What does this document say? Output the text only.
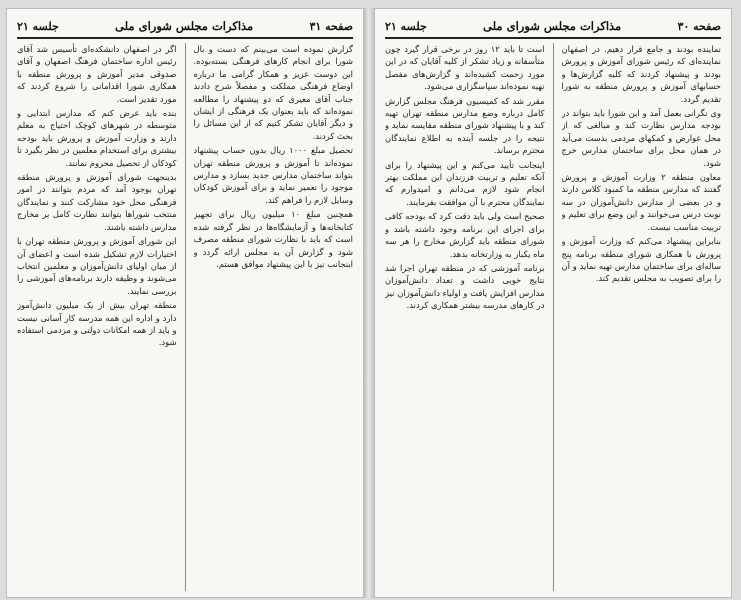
صفحه ۳۱
مذاکرات مجلس شورای ملی
جلسه ۲۱

گزارش نموده است می‌بینم که دست و بال شورا برای انجام کارهای فرهنگی بسته‌بوده. این دوست عزیز و همکار گرامی ما درباره اوضاع فرهنگی مملکت و مفصلاً شرح دادند جناب آقای معیری که دو پیشنهاد را مطالعه نموده‌اند که باید بعنوان یک فرهنگی از ایشان و دیگر آقایان تشکر کنیم که از این مسائل را بحث کردند.

تحصیل مبلغ ۱۰۰۰ ریال بدون حساب پیشنهاد نموده‌اند تا آموزش و پرورش منطقه تهران بتواند ساختمان مدارس جدید بسازد و مدارس موجود را تعمیر نماید و برای آموزش کودکان وسایل لازم را فراهم کند.

همچنین مبلغ ۱۰ میلیون ریال برای تجهیز کتابخانه‌ها و آزمایشگاه‌ها در نظر گرفته شده است که باید با نظارت شورای منطقه مصرف شود و گزارش آن به مجلس ارائه گردد و اینجانب نیز با این پیشنهاد موافق هستم.

اگر در اصفهان دانشکده‌ای تأسیس شد آقای رئیس اداره ساختمان فرهنگ اصفهان و آقای صدوقی مدیر آموزش و پرورش منطقه با همکاری شورا اقداماتی را شروع کردند که مورد تقدیر است.

بنده باید عرض کنم که مدارس ابتدایی و متوسطه در شهرهای کوچک احتیاج به معلم دارند و وزارت آموزش و پرورش باید بودجه بیشتری برای استخدام معلمین در نظر بگیرد تا کودکان از تحصیل محروم نمانند.

بدینجهت شورای آموزش و پرورش منطقه تهران بوجود آمد که مردم بتوانند در امور فرهنگی محل خود مشارکت کنند و نمایندگان منتخب شوراها بتوانند نظارت کامل بر مخارج مدارس داشته باشند.

این شورای آموزش و پرورش منطقه تهران با اختیارات لازم تشکیل شده است و اعضای آن از میان اولیای دانش‌آموزان و معلمین انتخاب می‌شوند و وظیفه دارند برنامه‌های آموزشی را بررسی نمایند.

منطقه تهران بیش از یک میلیون دانش‌آموز دارد و اداره این همه مدرسه کار آسانی نیست و باید از همه امکانات دولتی و مردمی استفاده شود.

صفحه ۳۰
مذاکرات مجلس شورای ملی
جلسه ۲۱

نماینده بودند و جامع قرار دهیم. در اصفهان نماینده‌ای که رئیس شورای آموزش و پرورش بودند و پیشنهاد کردند که کلیه گزارش‌ها و حسابهای آموزش و پرورش منطقه به شورا تقدیم گردد.

وی نگرانی بعمل آمد و این شورا باید بتواند در بودجه مدارس نظارت کند و مبالغی که از محل عوارض و کمکهای مردمی بدست می‌آید در همان محل برای ساختمان مدارس خرج شود.

معاون منطقه ۲ وزارت آموزش و پرورش گفتند که مدارس منطقه ما کمبود کلاس دارند و در بعضی از مدارس دانش‌آموزان در سه نوبت درس می‌خوانند و این وضع برای تعلیم و تربیت مناسب نیست.

بنابراین پیشنهاد می‌کنم که وزارت آموزش و پرورش با همکاری شورای منطقه برنامه پنج ساله‌ای برای ساختمان مدارس تهیه نماید و آن را برای تصویب به مجلس تقدیم کند.

است تا باید ۱۲ روز در برخی قرار گیرد چون متأسفانه و زیاد تشکر از کلیه آقایان که در این مورد زحمت کشیده‌اند و گزارش‌های مفصل تهیه نموده‌اند سپاسگزاری می‌شود.

مقرر شد که کمیسیون فرهنگ مجلس گزارش کامل درباره وضع مدارس منطقه تهران تهیه کند و با پیشنهاد شورای منطقه مقایسه نماید و نتیجه را در جلسه آینده به اطلاع نمایندگان محترم برساند.

اینجانب تأیید می‌کنم و این پیشنهاد را برای آنکه تعلیم و تربیت فرزندان این مملکت بهتر انجام شود لازم می‌دانم و امیدوارم که نمایندگان محترم با آن موافقت بفرمایند.

صحیح است ولی باید دقت کرد که بودجه کافی برای اجرای این برنامه وجود داشته باشد و شورای منطقه باید گزارش مخارج را هر سه ماه یکبار به وزارتخانه بدهد.

برنامه آموزشی که در منطقه تهران اجرا شد نتایج خوبی داشت و تعداد دانش‌آموزان مدارس افزایش یافت و اولیاء دانش‌آموزان نیز در کارهای مدرسه بیشتر همکاری کردند.
